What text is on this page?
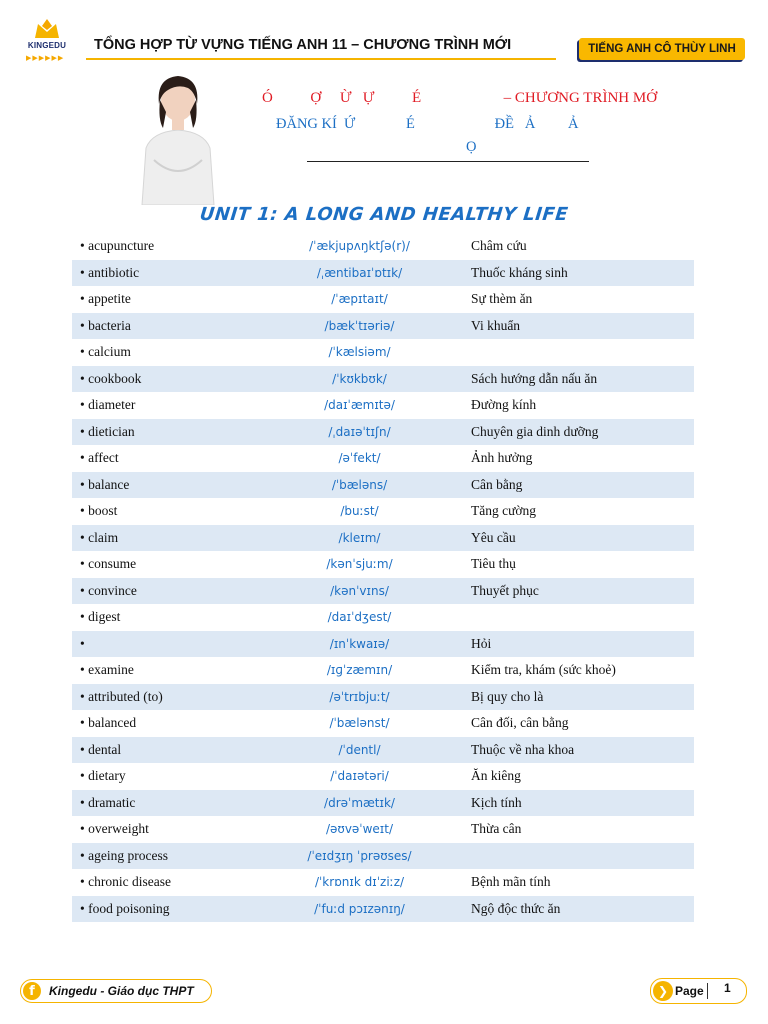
KINGEDU
▶▶▶▶▶▶
TỔNG HỢP TỪ VỰNG TIẾNG ANH 11 – CHƯƠNG TRÌNH MỚI	TIẾNG ANH CÔ THÙY LINH
Ó          Ợ     Ừ   Ự          É                      – CHƯƠNG TRÌNH MỚ
ĐĂNG KÍ  Ứ              É                      ĐỀ   Ả         Ả
Ọ
UNIT 1: A LONG AND HEALTHY LIFE
• acupuncture	/ˈækjupʌŋktʃə(r)/	Châm cứu
• antibiotic	/ˌæntibaɪˈɒtɪk/	Thuốc kháng sinh
• appetite	/ˈæpɪtaɪt/	Sự thèm ăn
• bacteria	/bækˈtɪəriə/	Vi khuẩn
• calcium	/ˈkælsiəm/
• cookbook	/ˈkʊkbʊk/	Sách hướng dẫn nấu ăn
• diameter	/daɪˈæmɪtə/	Đường kính
• dietician	/ˌdaɪəˈtɪʃn/	Chuyên gia dinh dưỡng
• affect	/əˈfekt/	Ảnh hưởng
• balance	/ˈbæləns/	Cân bằng
• boost	/buːst/	Tăng cường
• claim	/kleɪm/	Yêu cầu
• consume	/kənˈsjuːm/	Tiêu thụ
• convince	/kənˈvɪns/	Thuyết phục
• digest	/daɪˈdʒest/
•	/ɪnˈkwaɪə/	Hỏi
• examine	/ɪɡˈzæmɪn/	Kiểm tra, khám (sức khoẻ)
• attributed (to)	/əˈtrɪbjuːt/	Bị quy cho là
• balanced	/ˈbælənst/	Cân đối, cân bằng
• dental	/ˈdentl/	Thuộc về nha khoa
• dietary	/ˈdaɪətəri/	Ăn kiêng
• dramatic	/drəˈmætɪk/	Kịch tính
• overweight	/əʊvəˈweɪt/	Thừa cân
• ageing process	/ˈeɪdʒɪŋ ˈprəʊses/
• chronic disease	/ˈkrɒnɪk dɪˈziːz/	Bệnh mãn tính
• food poisoning	/ˈfuːd pɔɪzənɪŋ/	Ngộ độc thức ăn
f	Kingedu - Giáo dục THPT	❯ Page 1
